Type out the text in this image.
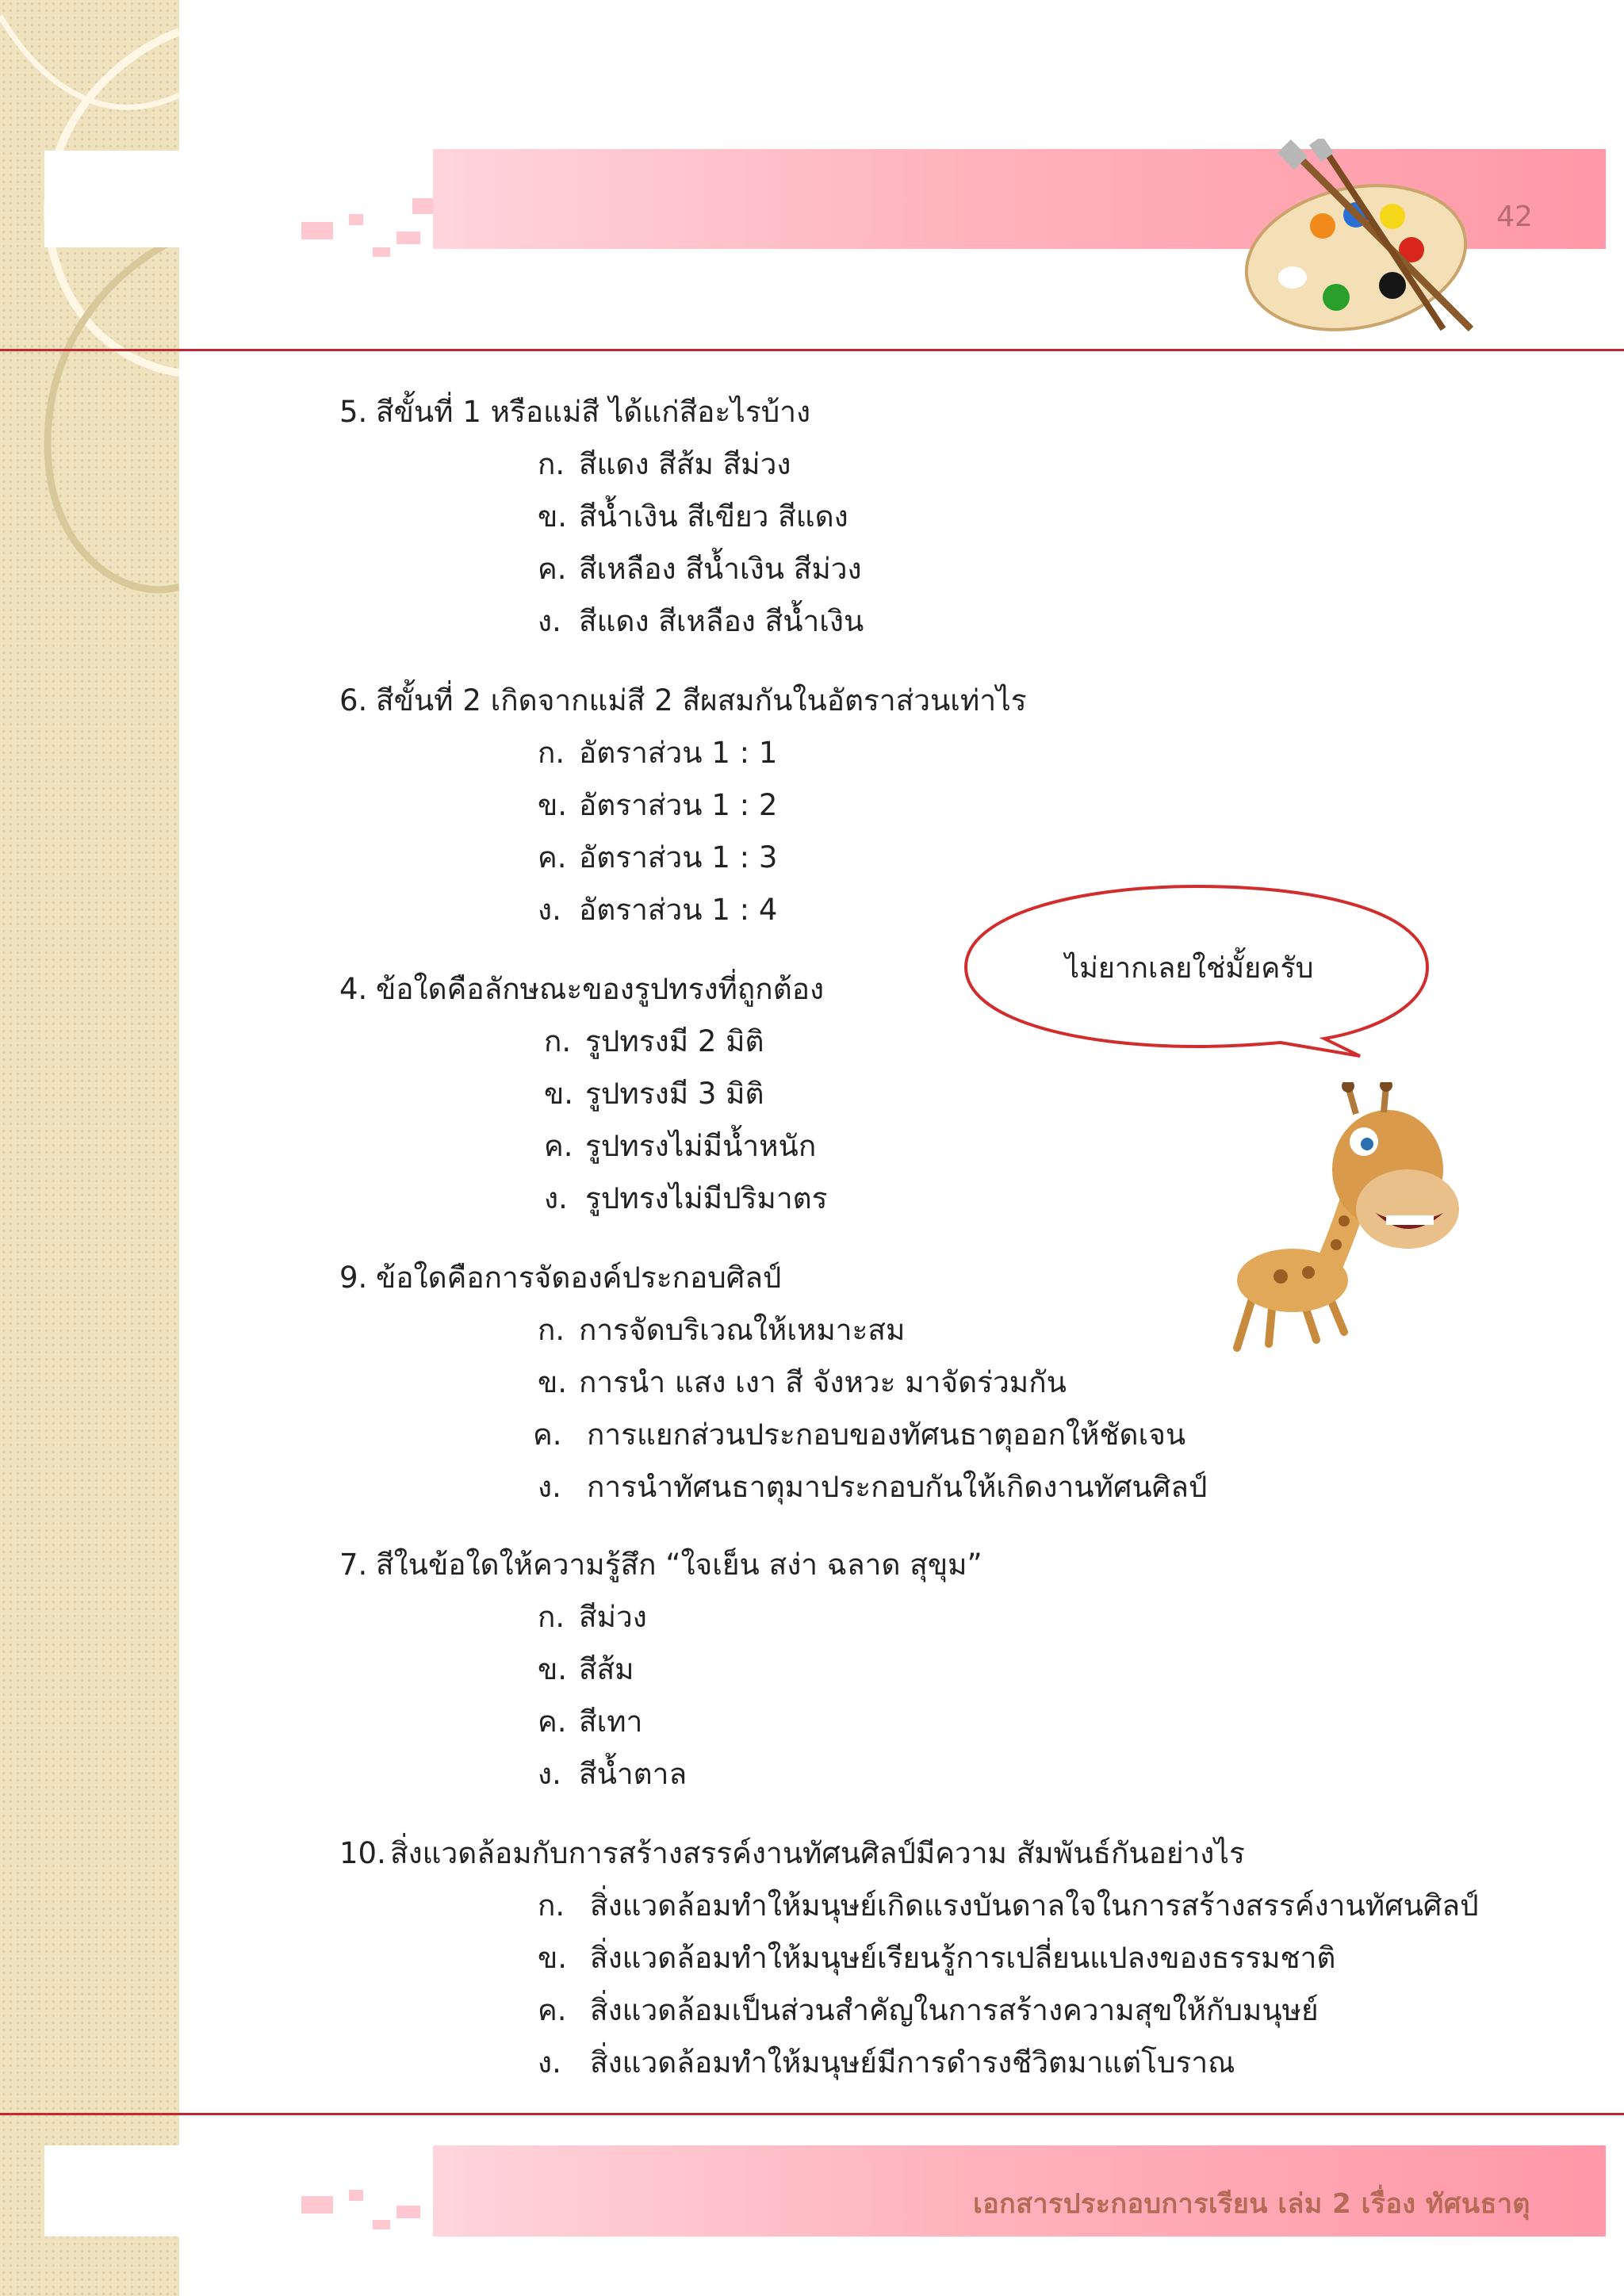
42
เอกสารประกอบการเรียน เล่ม 2 เรื่อง ทัศนธาตุ
ไม่ยากเลยใช่มั้ยครับ
5. สีขั้นที่ 1 หรือแม่สี ได้แก่สีอะไรบ้าง
ก. สีแดง สีส้ม สีม่วง
ข. สีน้ำเงิน สีเขียว สีแดง
ค. สีเหลือง สีน้ำเงิน สีม่วง
ง. สีแดง สีเหลือง สีน้ำเงิน
6. สีขั้นที่ 2 เกิดจากแม่สี 2 สีผสมกันในอัตราส่วนเท่าไร
ก. อัตราส่วน 1 : 1
ข. อัตราส่วน 1 : 2
ค. อัตราส่วน 1 : 3
ง. อัตราส่วน 1 : 4
4. ข้อใดคือลักษณะของรูปทรงที่ถูกต้อง
ก. รูปทรงมี 2 มิติ
ข. รูปทรงมี 3 มิติ
ค. รูปทรงไม่มีน้ำหนัก
ง. รูปทรงไม่มีปริมาตร
9. ข้อใดคือการจัดองค์ประกอบศิลป์
ก. การจัดบริเวณให้เหมาะสม
ข. การนำ แสง เงา สี จังหวะ มาจัดร่วมกัน
ค. การแยกส่วนประกอบของทัศนธาตุออกให้ชัดเจน
ง. การนำทัศนธาตุมาประกอบกันให้เกิดงานทัศนศิลป์
7. สีในข้อใดให้ความรู้สึก “ใจเย็น สง่า ฉลาด สุขุม”
ก. สีม่วง
ข. สีส้ม
ค. สีเทา
ง. สีน้ำตาล
10. สิ่งแวดล้อมกับการสร้างสรรค์งานทัศนศิลป์มีความ สัมพันธ์กันอย่างไร
ก. สิ่งแวดล้อมทำให้มนุษย์เกิดแรงบันดาลใจในการสร้างสรรค์งานทัศนศิลป์
ข. สิ่งแวดล้อมทำให้มนุษย์เรียนรู้การเปลี่ยนแปลงของธรรมชาติ
ค. สิ่งแวดล้อมเป็นส่วนสำคัญในการสร้างความสุขให้กับมนุษย์
ง. สิ่งแวดล้อมทำให้มนุษย์มีการดำรงชีวิตมาแต่โบราณ
